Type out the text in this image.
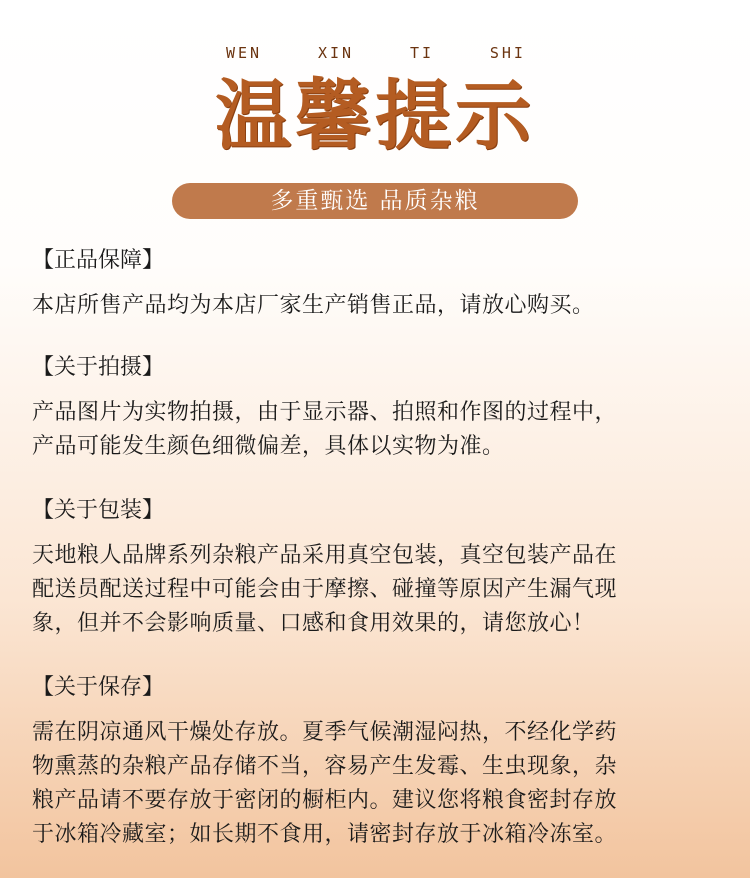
WEN	XIN	TI	SHI
温馨提示
多重甄选 品质杂粮
【正品保障】
本店所售产品均为本店厂家生产销售正品，请放心购买。
【关于拍摄】
产品图片为实物拍摄，由于显示器、拍照和作图的过程中，
产品可能发生颜色细微偏差，具体以实物为准。
【关于包装】
天地粮人品牌系列杂粮产品采用真空包装，真空包装产品在
配送员配送过程中可能会由于摩擦、碰撞等原因产生漏气现
象，但并不会影响质量、口感和食用效果的，请您放心！
【关于保存】
需在阴凉通风干燥处存放。夏季气候潮湿闷热，不经化学药
物熏蒸的杂粮产品存储不当，容易产生发霉、生虫现象，杂
粮产品请不要存放于密闭的橱柜内。建议您将粮食密封存放
于冰箱冷藏室；如长期不食用，请密封存放于冰箱冷冻室。
